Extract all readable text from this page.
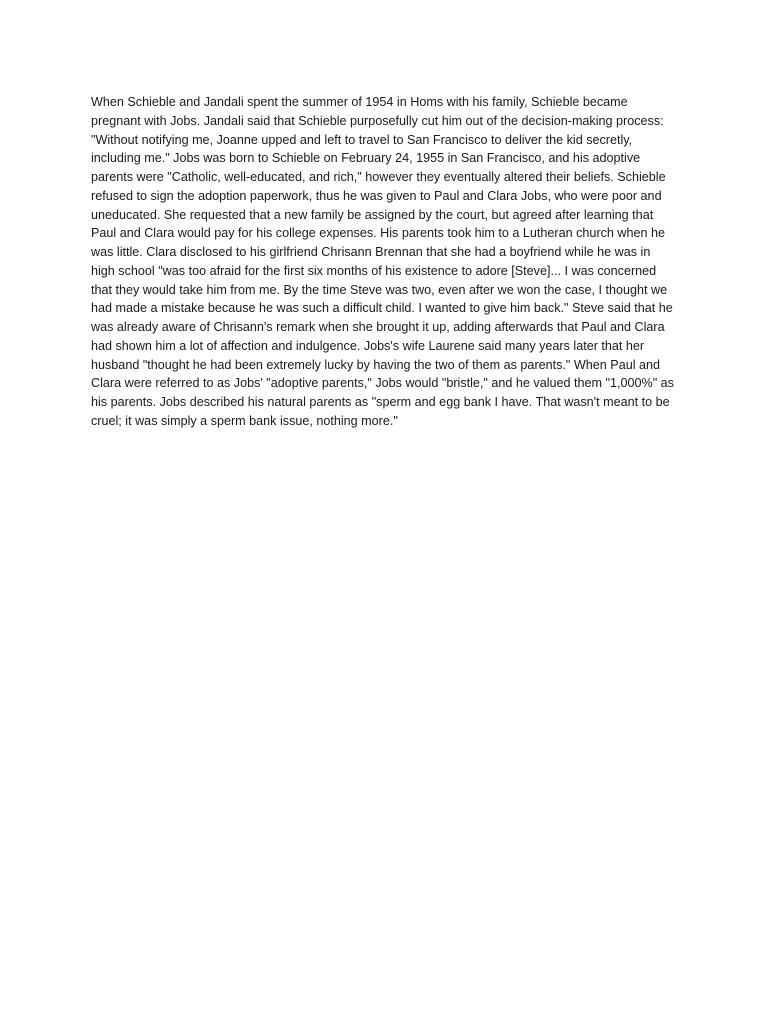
When Schieble and Jandali spent the summer of 1954 in Homs with his family, Schieble became
pregnant with Jobs. Jandali said that Schieble purposefully cut him out of the decision-making process:
"Without notifying me, Joanne upped and left to travel to San Francisco to deliver the kid secretly,
including me." Jobs was born to Schieble on February 24, 1955 in San Francisco, and his adoptive
parents were "Catholic, well-educated, and rich," however they eventually altered their beliefs. Schieble
refused to sign the adoption paperwork, thus he was given to Paul and Clara Jobs, who were poor and
uneducated. She requested that a new family be assigned by the court, but agreed after learning that
Paul and Clara would pay for his college expenses. His parents took him to a Lutheran church when he
was little. Clara disclosed to his girlfriend Chrisann Brennan that she had a boyfriend while he was in
high school "was too afraid for the first six months of his existence to adore [Steve]... I was concerned
that they would take him from me. By the time Steve was two, even after we won the case, I thought we
had made a mistake because he was such a difficult child. I wanted to give him back." Steve said that he
was already aware of Chrisann's remark when she brought it up, adding afterwards that Paul and Clara
had shown him a lot of affection and indulgence. Jobs's wife Laurene said many years later that her
husband "thought he had been extremely lucky by having the two of them as parents." When Paul and
Clara were referred to as Jobs' "adoptive parents," Jobs would "bristle," and he valued them "1,000%" as
his parents. Jobs described his natural parents as "sperm and egg bank I have. That wasn't meant to be
cruel; it was simply a sperm bank issue, nothing more."
